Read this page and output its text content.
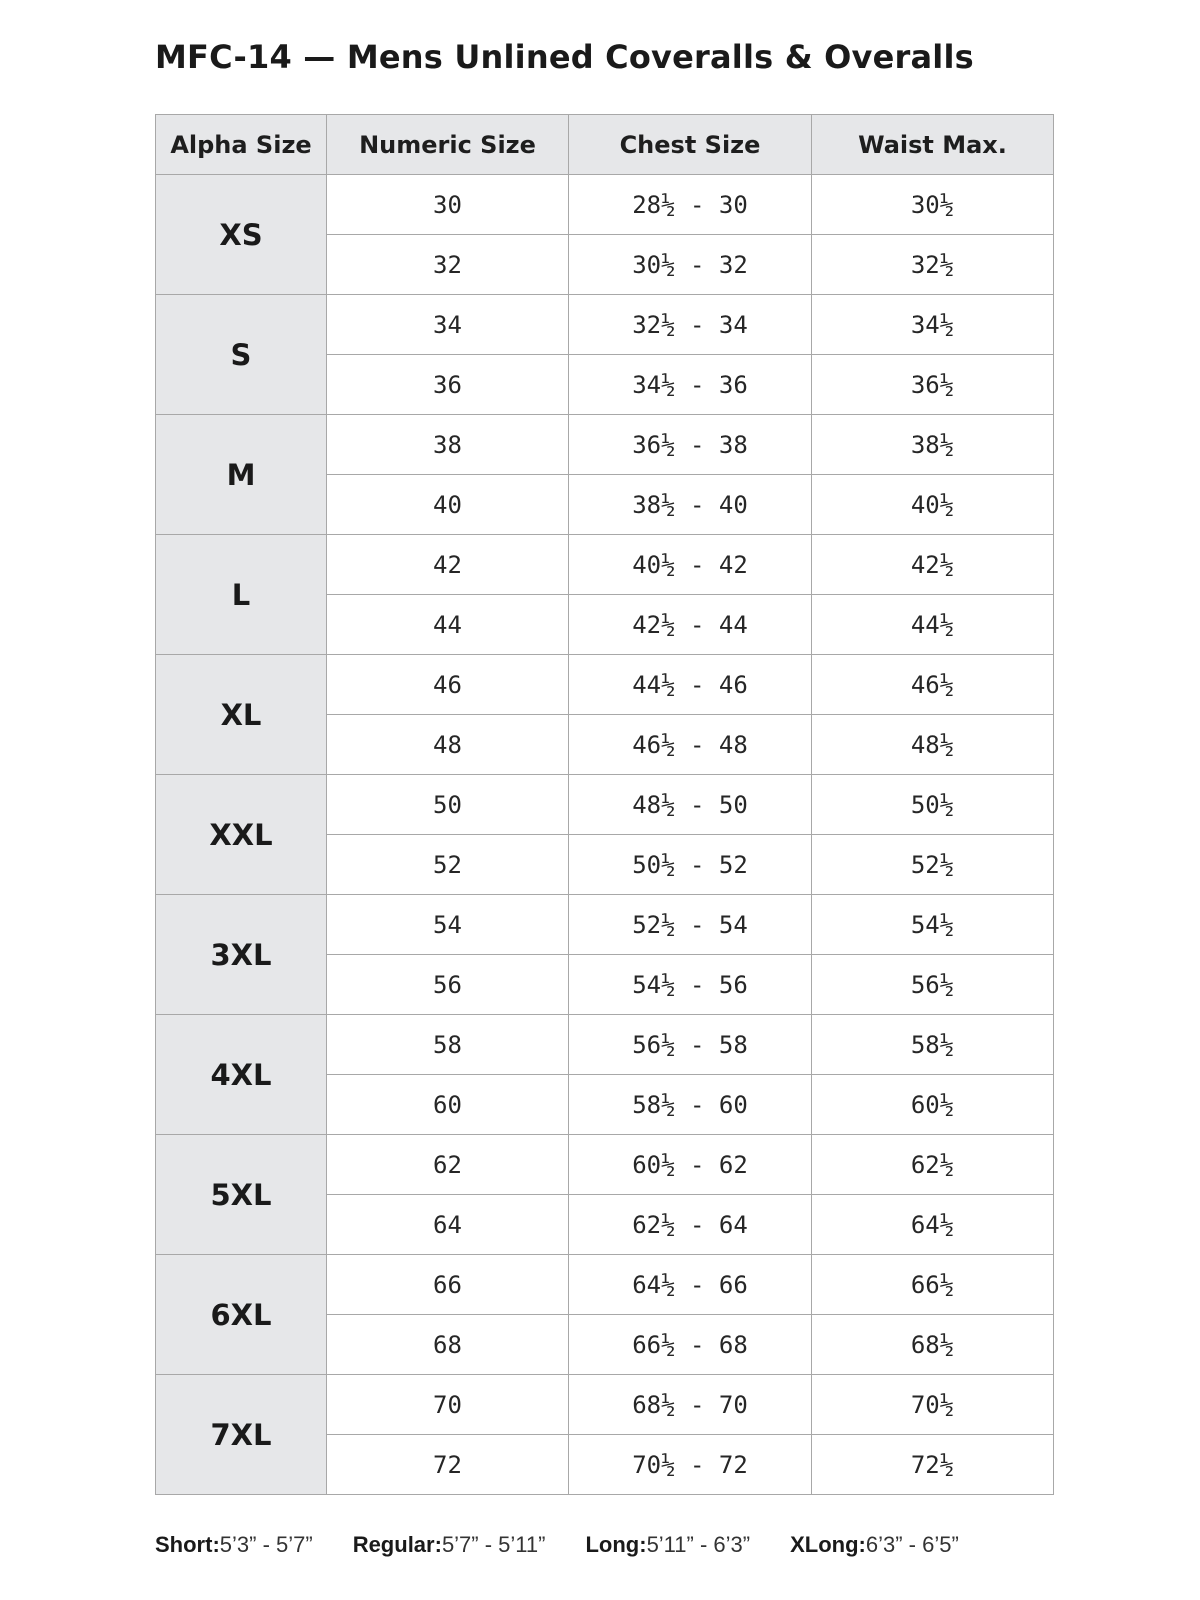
MFC-14 — Mens Unlined Coveralls & Overalls
Alpha Size	Numeric Size	Chest Size	Waist Max.
XS	30	28½ - 30	30½
	32	30½ - 32	32½
S	34	32½ - 34	34½
	36	34½ - 36	36½
M	38	36½ - 38	38½
	40	38½ - 40	40½
L	42	40½ - 42	42½
	44	42½ - 44	44½
XL	46	44½ - 46	46½
	48	46½ - 48	48½
XXL	50	48½ - 50	50½
	52	50½ - 52	52½
3XL	54	52½ - 54	54½
	56	54½ - 56	56½
4XL	58	56½ - 58	58½
	60	58½ - 60	60½
5XL	62	60½ - 62	62½
	64	62½ - 64	64½
6XL	66	64½ - 66	66½
	68	66½ - 68	68½
7XL	70	68½ - 70	70½
	72	70½ - 72	72½
Short:5’3” - 5’7” Regular:5’7” - 5’11” Long:5’11” - 6’3” XLong:6’3” - 6’5”
